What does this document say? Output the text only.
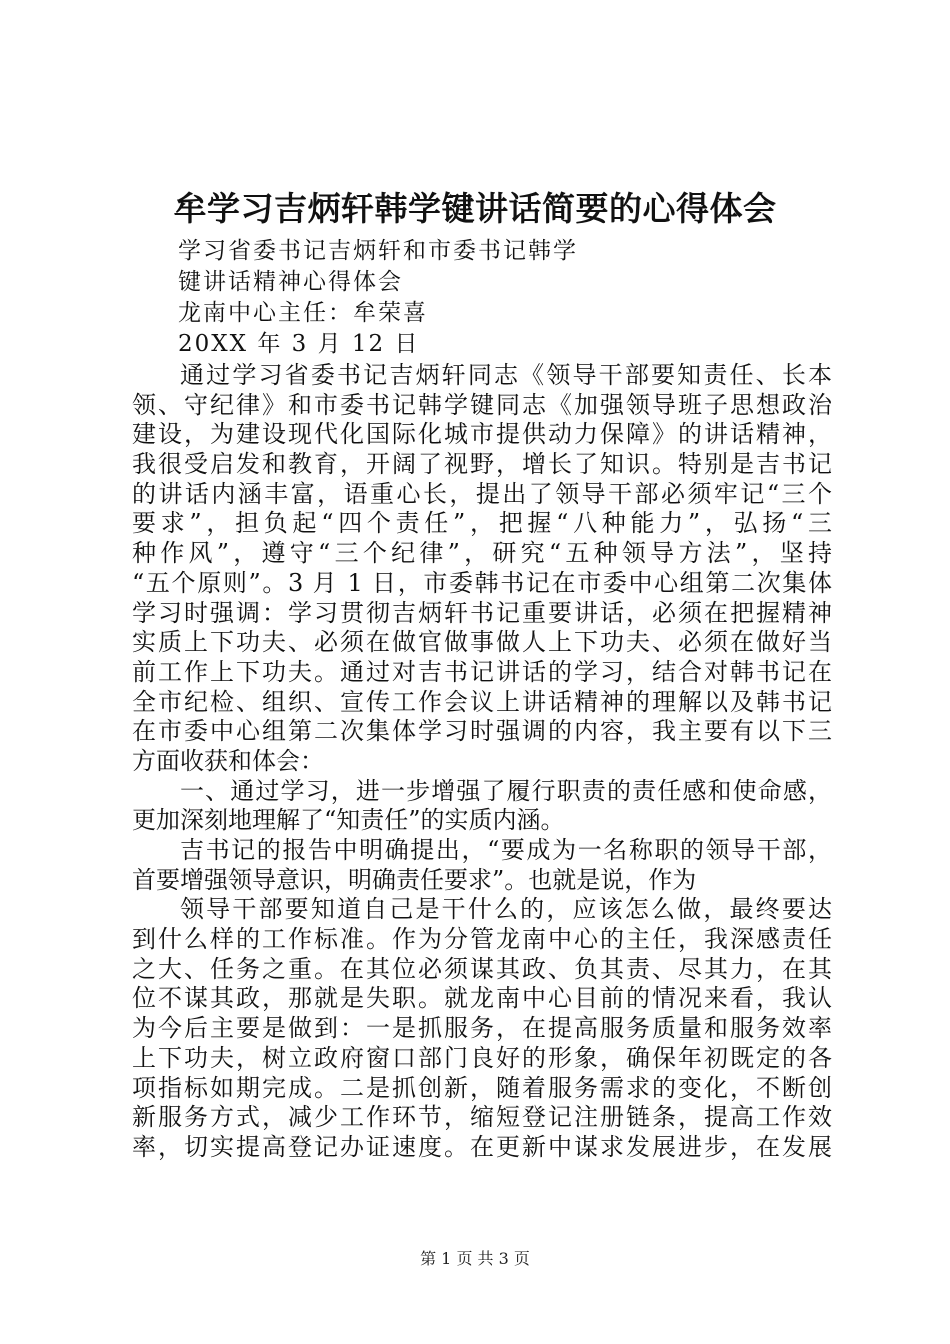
牟学习吉炳轩韩学键讲话简要的心得体会
学习省委书记吉炳轩和市委书记韩学
键讲话精神心得体会
龙南中心主任：牟荣喜
20XX 年 3 月 12 日
通过学习省委书记吉炳轩同志《领导干部要知责任、长本
领、守纪律》和市委书记韩学键同志《加强领导班子思想政治
建设，为建设现代化国际化城市提供动力保障》的讲话精神，
我很受启发和教育，开阔了视野，增长了知识。特别是吉书记
的讲话内涵丰富，语重心长，提出了领导干部必须牢记“三个
要求”，担负起“四个责任”，把握“八种能力”，弘扬“三
种作风”，遵守“三个纪律”，研究“五种领导方法”，坚持
“五个原则”。3 月 1 日，市委韩书记在市委中心组第二次集体
学习时强调：学习贯彻吉炳轩书记重要讲话，必须在把握精神
实质上下功夫、必须在做官做事做人上下功夫、必须在做好当
前工作上下功夫。通过对吉书记讲话的学习，结合对韩书记在
全市纪检、组织、宣传工作会议上讲话精神的理解以及韩书记
在市委中心组第二次集体学习时强调的内容，我主要有以下三
方面收获和体会：
一、通过学习，进一步增强了履行职责的责任感和使命感，
更加深刻地理解了“知责任”的实质内涵。
吉书记的报告中明确提出，“要成为一名称职的领导干部，
首要增强领导意识，明确责任要求”。也就是说，作为
领导干部要知道自己是干什么的，应该怎么做，最终要达
到什么样的工作标准。作为分管龙南中心的主任，我深感责任
之大、任务之重。在其位必须谋其政、负其责、尽其力，在其
位不谋其政，那就是失职。就龙南中心目前的情况来看，我认
为今后主要是做到：一是抓服务，在提高服务质量和服务效率
上下功夫，树立政府窗口部门良好的形象，确保年初既定的各
项指标如期完成。二是抓创新，随着服务需求的变化，不断创
新服务方式，减少工作环节，缩短登记注册链条，提高工作效
率，切实提高登记办证速度。在更新中谋求发展进步，在发展
第 1 页 共 3 页
